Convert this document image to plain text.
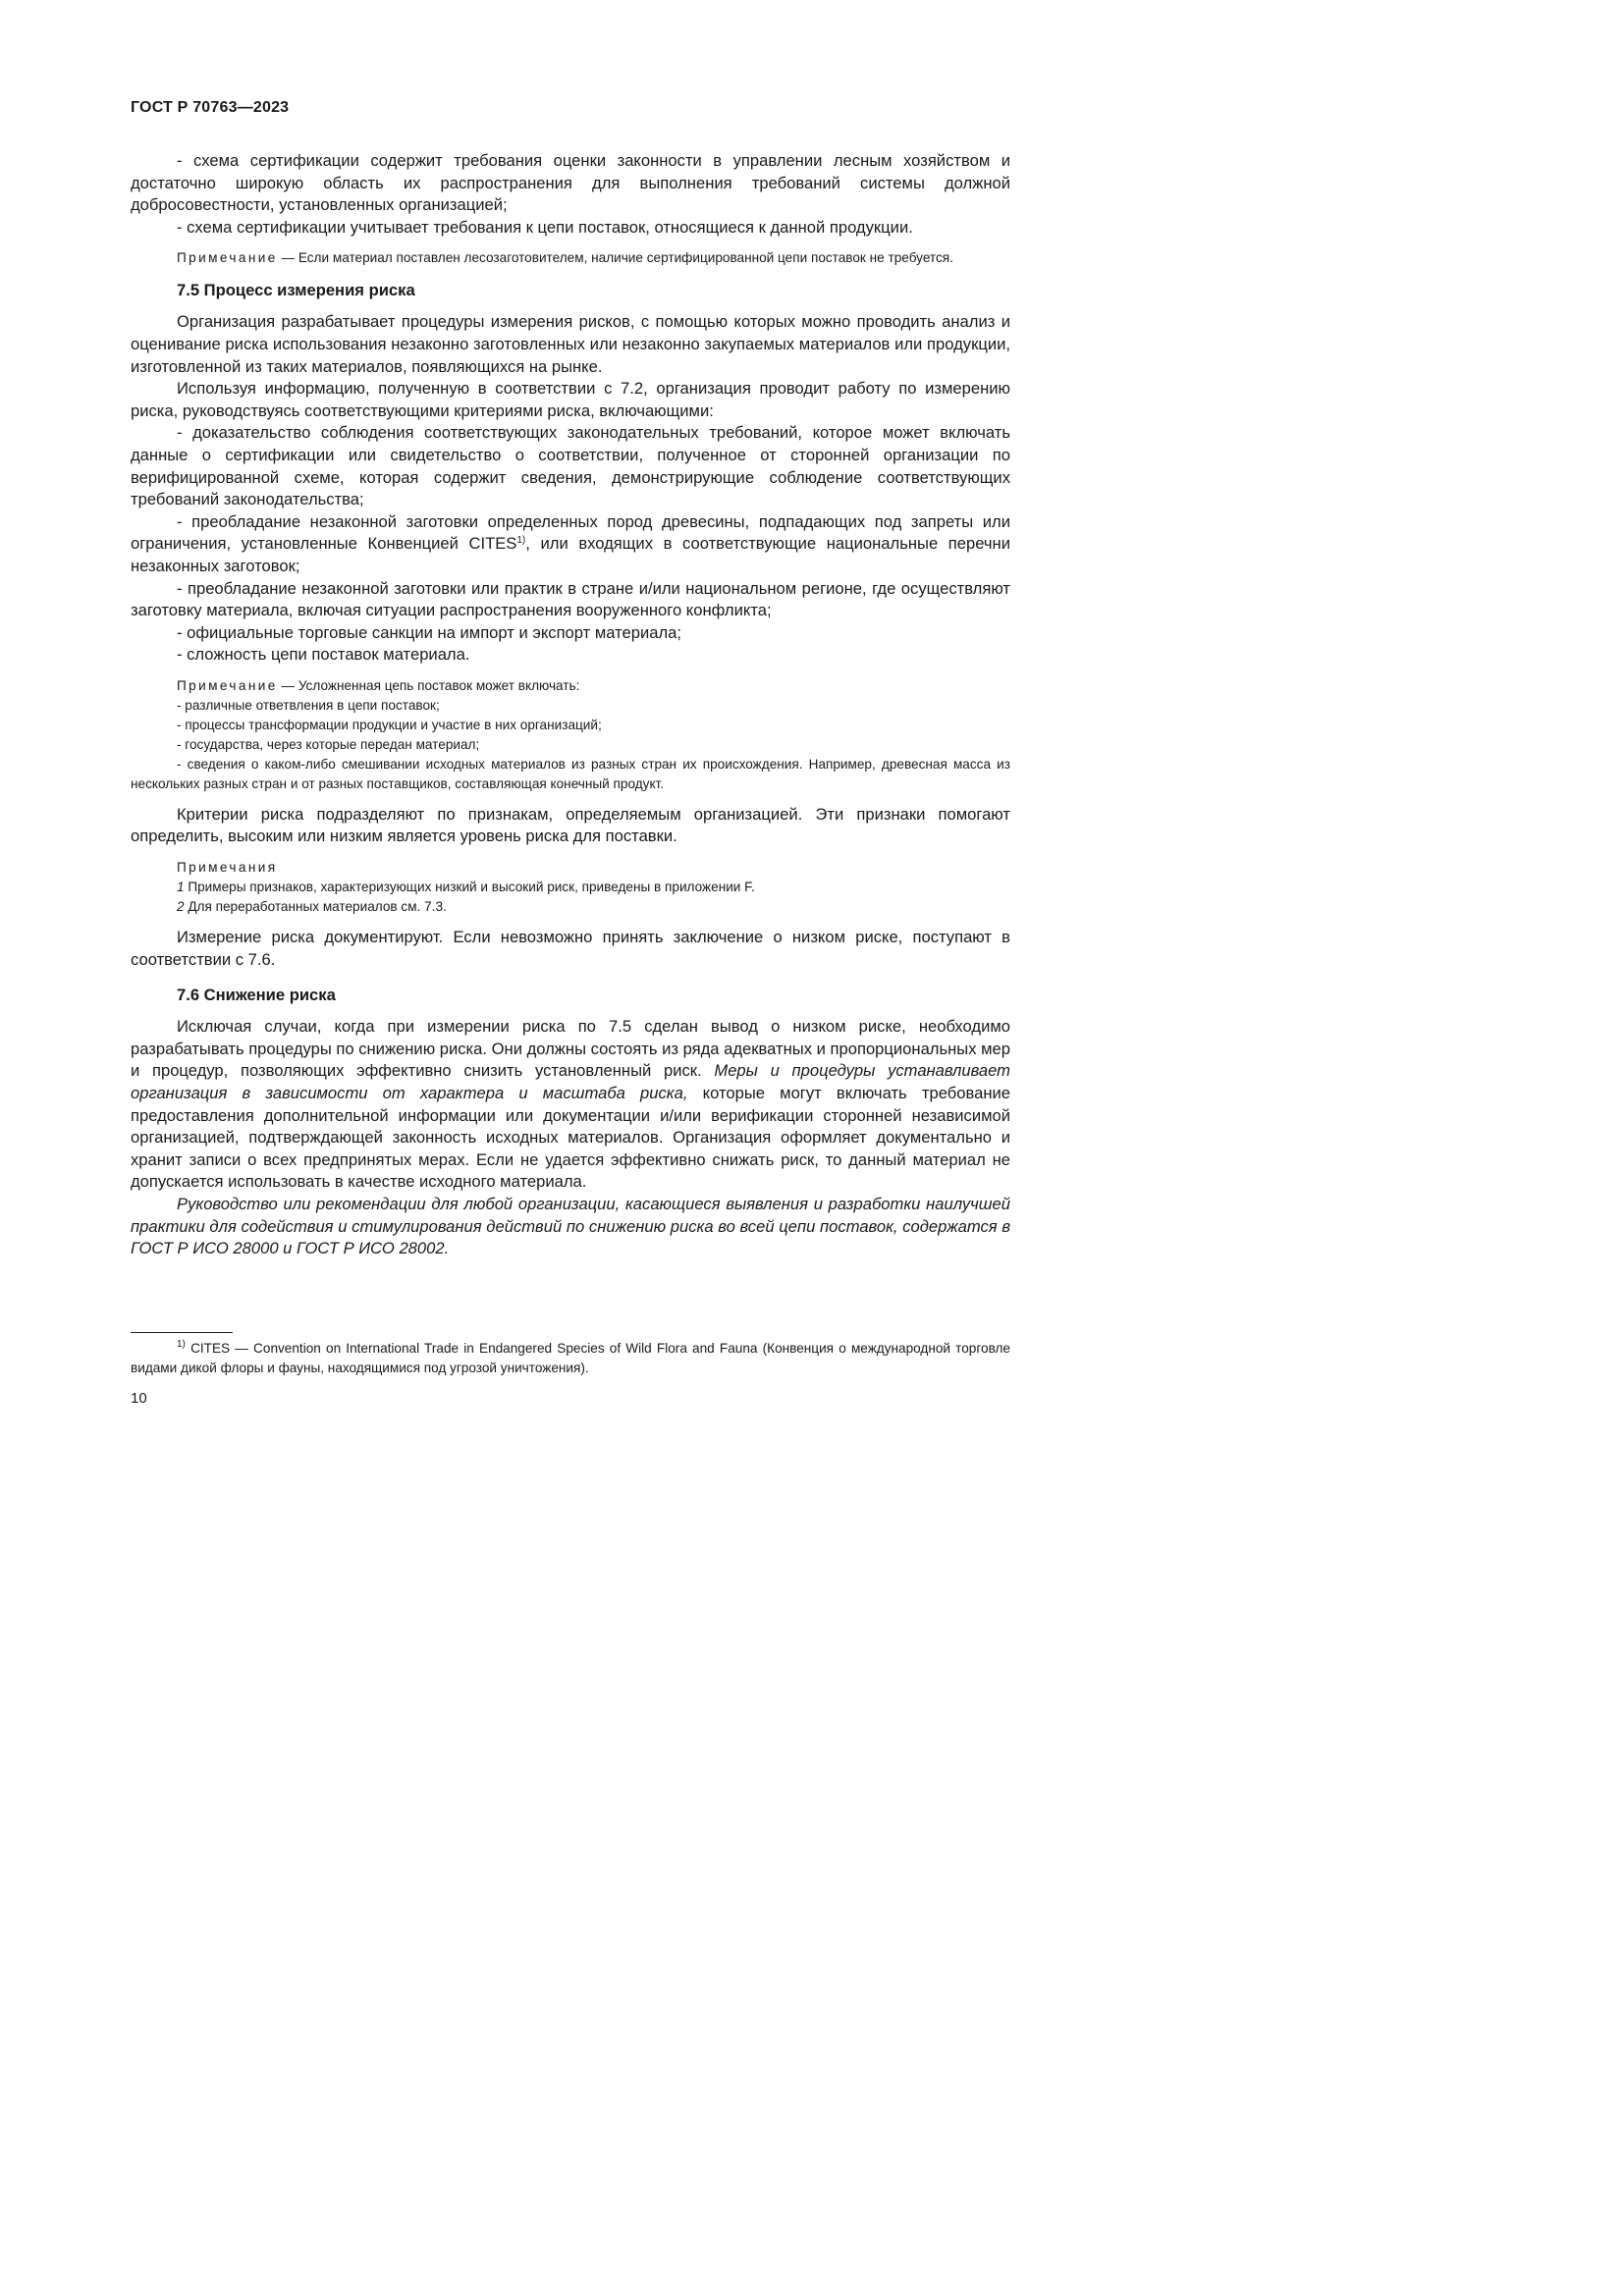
ГОСТ Р 70763—2023

- схема сертификации содержит требования оценки законности в управлении лесным хозяйством и достаточно широкую область их распространения для выполнения требований системы должной добросовестности, установленных организацией;

- схема сертификации учитывает требования к цепи поставок, относящиеся к данной продукции.

Примечание — Если материал поставлен лесозаготовителем, наличие сертифицированной цепи поставок не требуется.

7.5 Процесс измерения риска

Организация разрабатывает процедуры измерения рисков, с помощью которых можно проводить анализ и оценивание риска использования незаконно заготовленных или незаконно закупаемых материалов или продукции, изготовленной из таких материалов, появляющихся на рынке.

Используя информацию, полученную в соответствии с 7.2, организация проводит работу по измерению риска, руководствуясь соответствующими критериями риска, включающими:

- доказательство соблюдения соответствующих законодательных требований, которое может включать данные о сертификации или свидетельство о соответствии, полученное от сторонней организации по верифицированной схеме, которая содержит сведения, демонстрирующие соблюдение соответствующих требований законодательства;

- преобладание незаконной заготовки определенных пород древесины, подпадающих под запреты или ограничения, установленные Конвенцией CITES$^{1)}$, или входящих в соответствующие национальные перечни незаконных заготовок;

- преобладание незаконной заготовки или практик в стране и/или национальном регионе, где осуществляют заготовку материала, включая ситуации распространения вооруженного конфликта;

- официальные торговые санкции на импорт и экспорт материала;

- сложность цепи поставок материала.

Примечание — Усложненная цепь поставок может включать:

- различные ответвления в цепи поставок;

- процессы трансформации продукции и участие в них организаций;

- государства, через которые передан материал;

- сведения о каком-либо смешивании исходных материалов из разных стран их происхождения. Например, древесная масса из нескольких разных стран и от разных поставщиков, составляющая конечный продукт.

Критерии риска подразделяют по признакам, определяемым организацией. Эти признаки помогают определить, высоким или низким является уровень риска для поставки.

Примечания

1 Примеры признаков, характеризующих низкий и высокий риск, приведены в приложении F.

2 Для переработанных материалов см. 7.3.

Измерение риска документируют. Если невозможно принять заключение о низком риске, поступают в соответствии с 7.6.

7.6 Снижение риска

Исключая случаи, когда при измерении риска по 7.5 сделан вывод о низком риске, необходимо разрабатывать процедуры по снижению риска. Они должны состоять из ряда адекватных и пропорциональных мер и процедур, позволяющих эффективно снизить установленный риск. Меры и процедуры устанавливает организация в зависимости от характера и масштаба риска, которые могут включать требование предоставления дополнительной информации или документации и/или верификации сторонней независимой организацией, подтверждающей законность исходных материалов. Организация оформляет документально и хранит записи о всех предпринятых мерах. Если не удается эффективно снижать риск, то данный материал не допускается использовать в качестве исходного материала.

Руководство или рекомендации для любой организации, касающиеся выявления и разработки наилучшей практики для содействия и стимулирования действий по снижению риска во всей цепи поставок, содержатся в ГОСТ Р ИСО 28000 и ГОСТ Р ИСО 28002.

$^{1)}$ CITES — Convention on International Trade in Endangered Species of Wild Flora and Fauna (Конвенция о международной торговле видами дикой флоры и фауны, находящимися под угрозой уничтожения).

10
